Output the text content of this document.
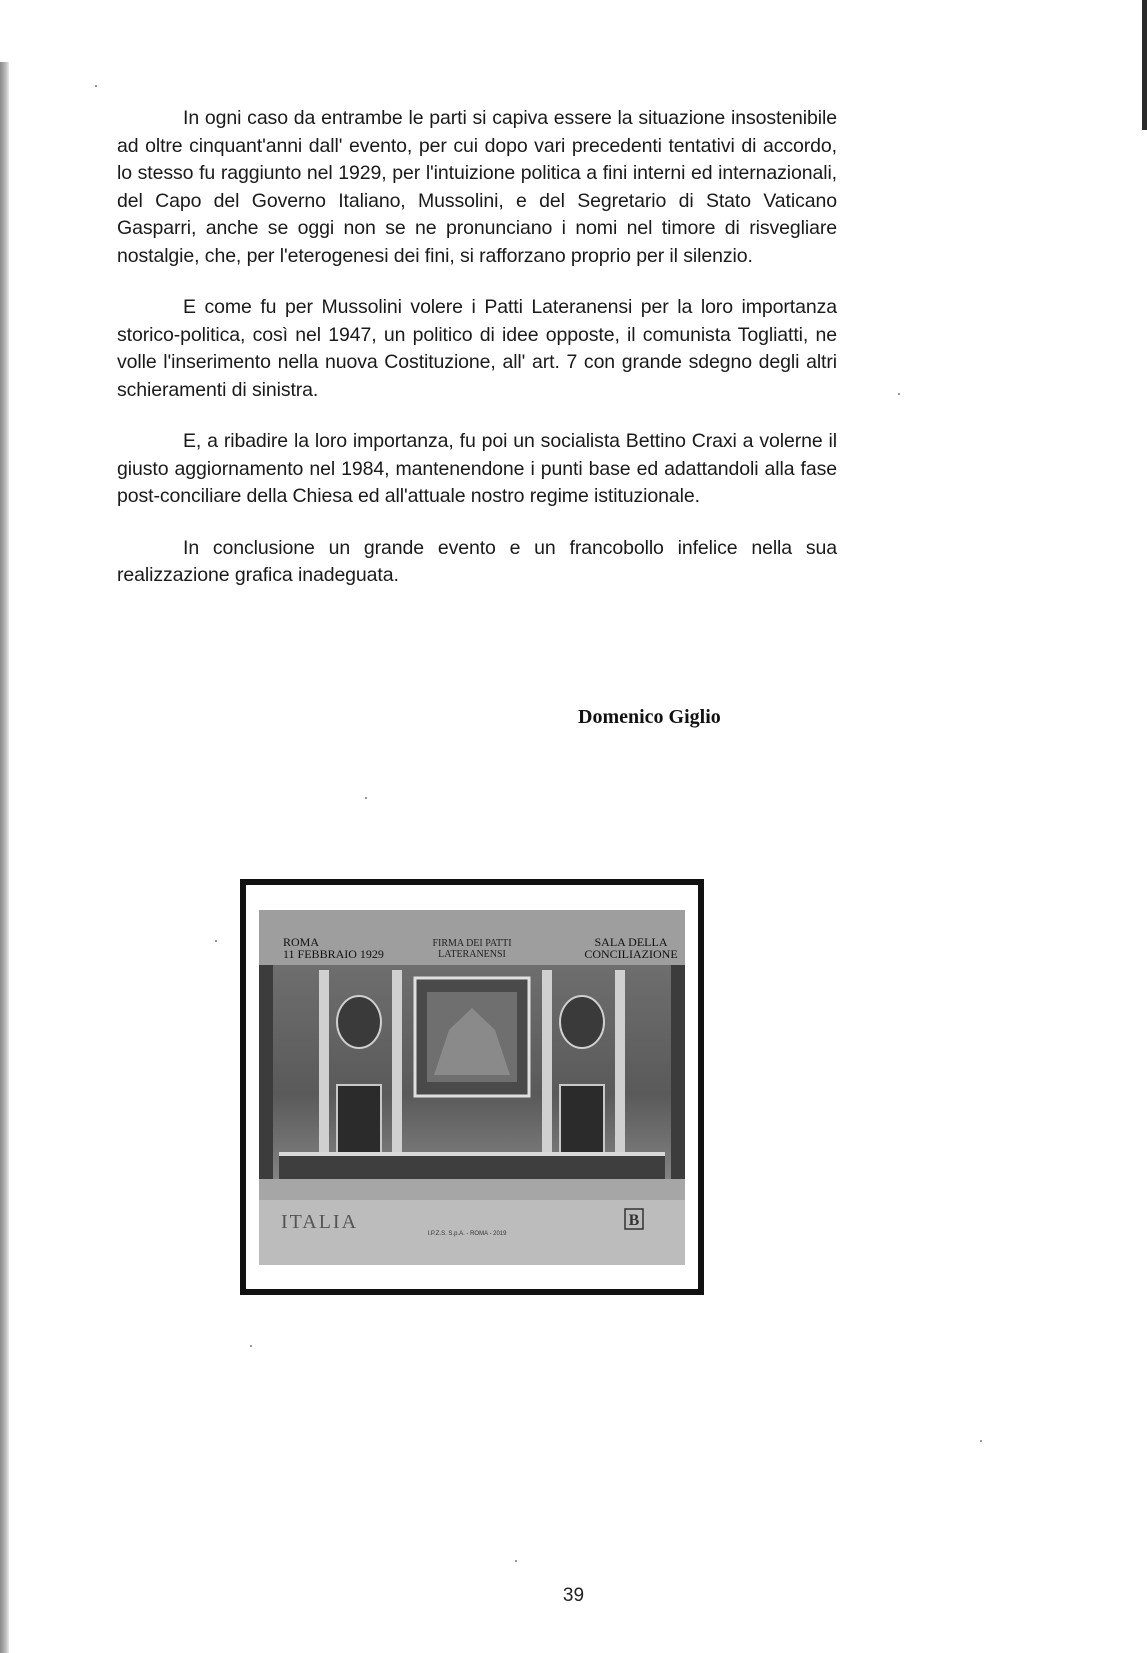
In ogni caso da entrambe le parti si capiva essere la situazione insostenibile ad oltre cinquant'anni dall' evento, per cui dopo vari precedenti tentativi di accordo, lo stesso fu raggiunto nel 1929, per l'intuizione politica a fini interni ed internazionali, del Capo del Governo Italiano, Mussolini, e del Segretario di Stato Vaticano Gasparri, anche se oggi non se ne pronunciano i nomi nel timore di risvegliare nostalgie, che, per l'eterogenesi dei fini, si rafforzano proprio per il silenzio.

E come fu per Mussolini volere i Patti Lateranensi per la loro importanza storico-politica, così nel 1947, un politico di idee opposte, il comunista Togliatti, ne volle l'inserimento nella nuova Costituzione, all' art. 7 con grande sdegno degli altri schieramenti di sinistra.

E, a ribadire la loro importanza, fu poi un socialista Bettino Craxi a volerne il giusto aggiornamento nel 1984, mantenendone i punti base ed adattandoli alla fase post-conciliare della Chiesa ed all'attuale nostro regime istituzionale.

In conclusione un grande evento e un francobollo infelice nella sua realizzazione grafica inadeguata.

Domenico Giglio
ROMA
11 FEBBRAIO 1929
FIRMA DEI PATTI
LATERANENSI
SALA DELLA
CONCILIAZIONE
ITALIA
I.P.Z.S. S.p.A. - ROMA - 2019
B
39
